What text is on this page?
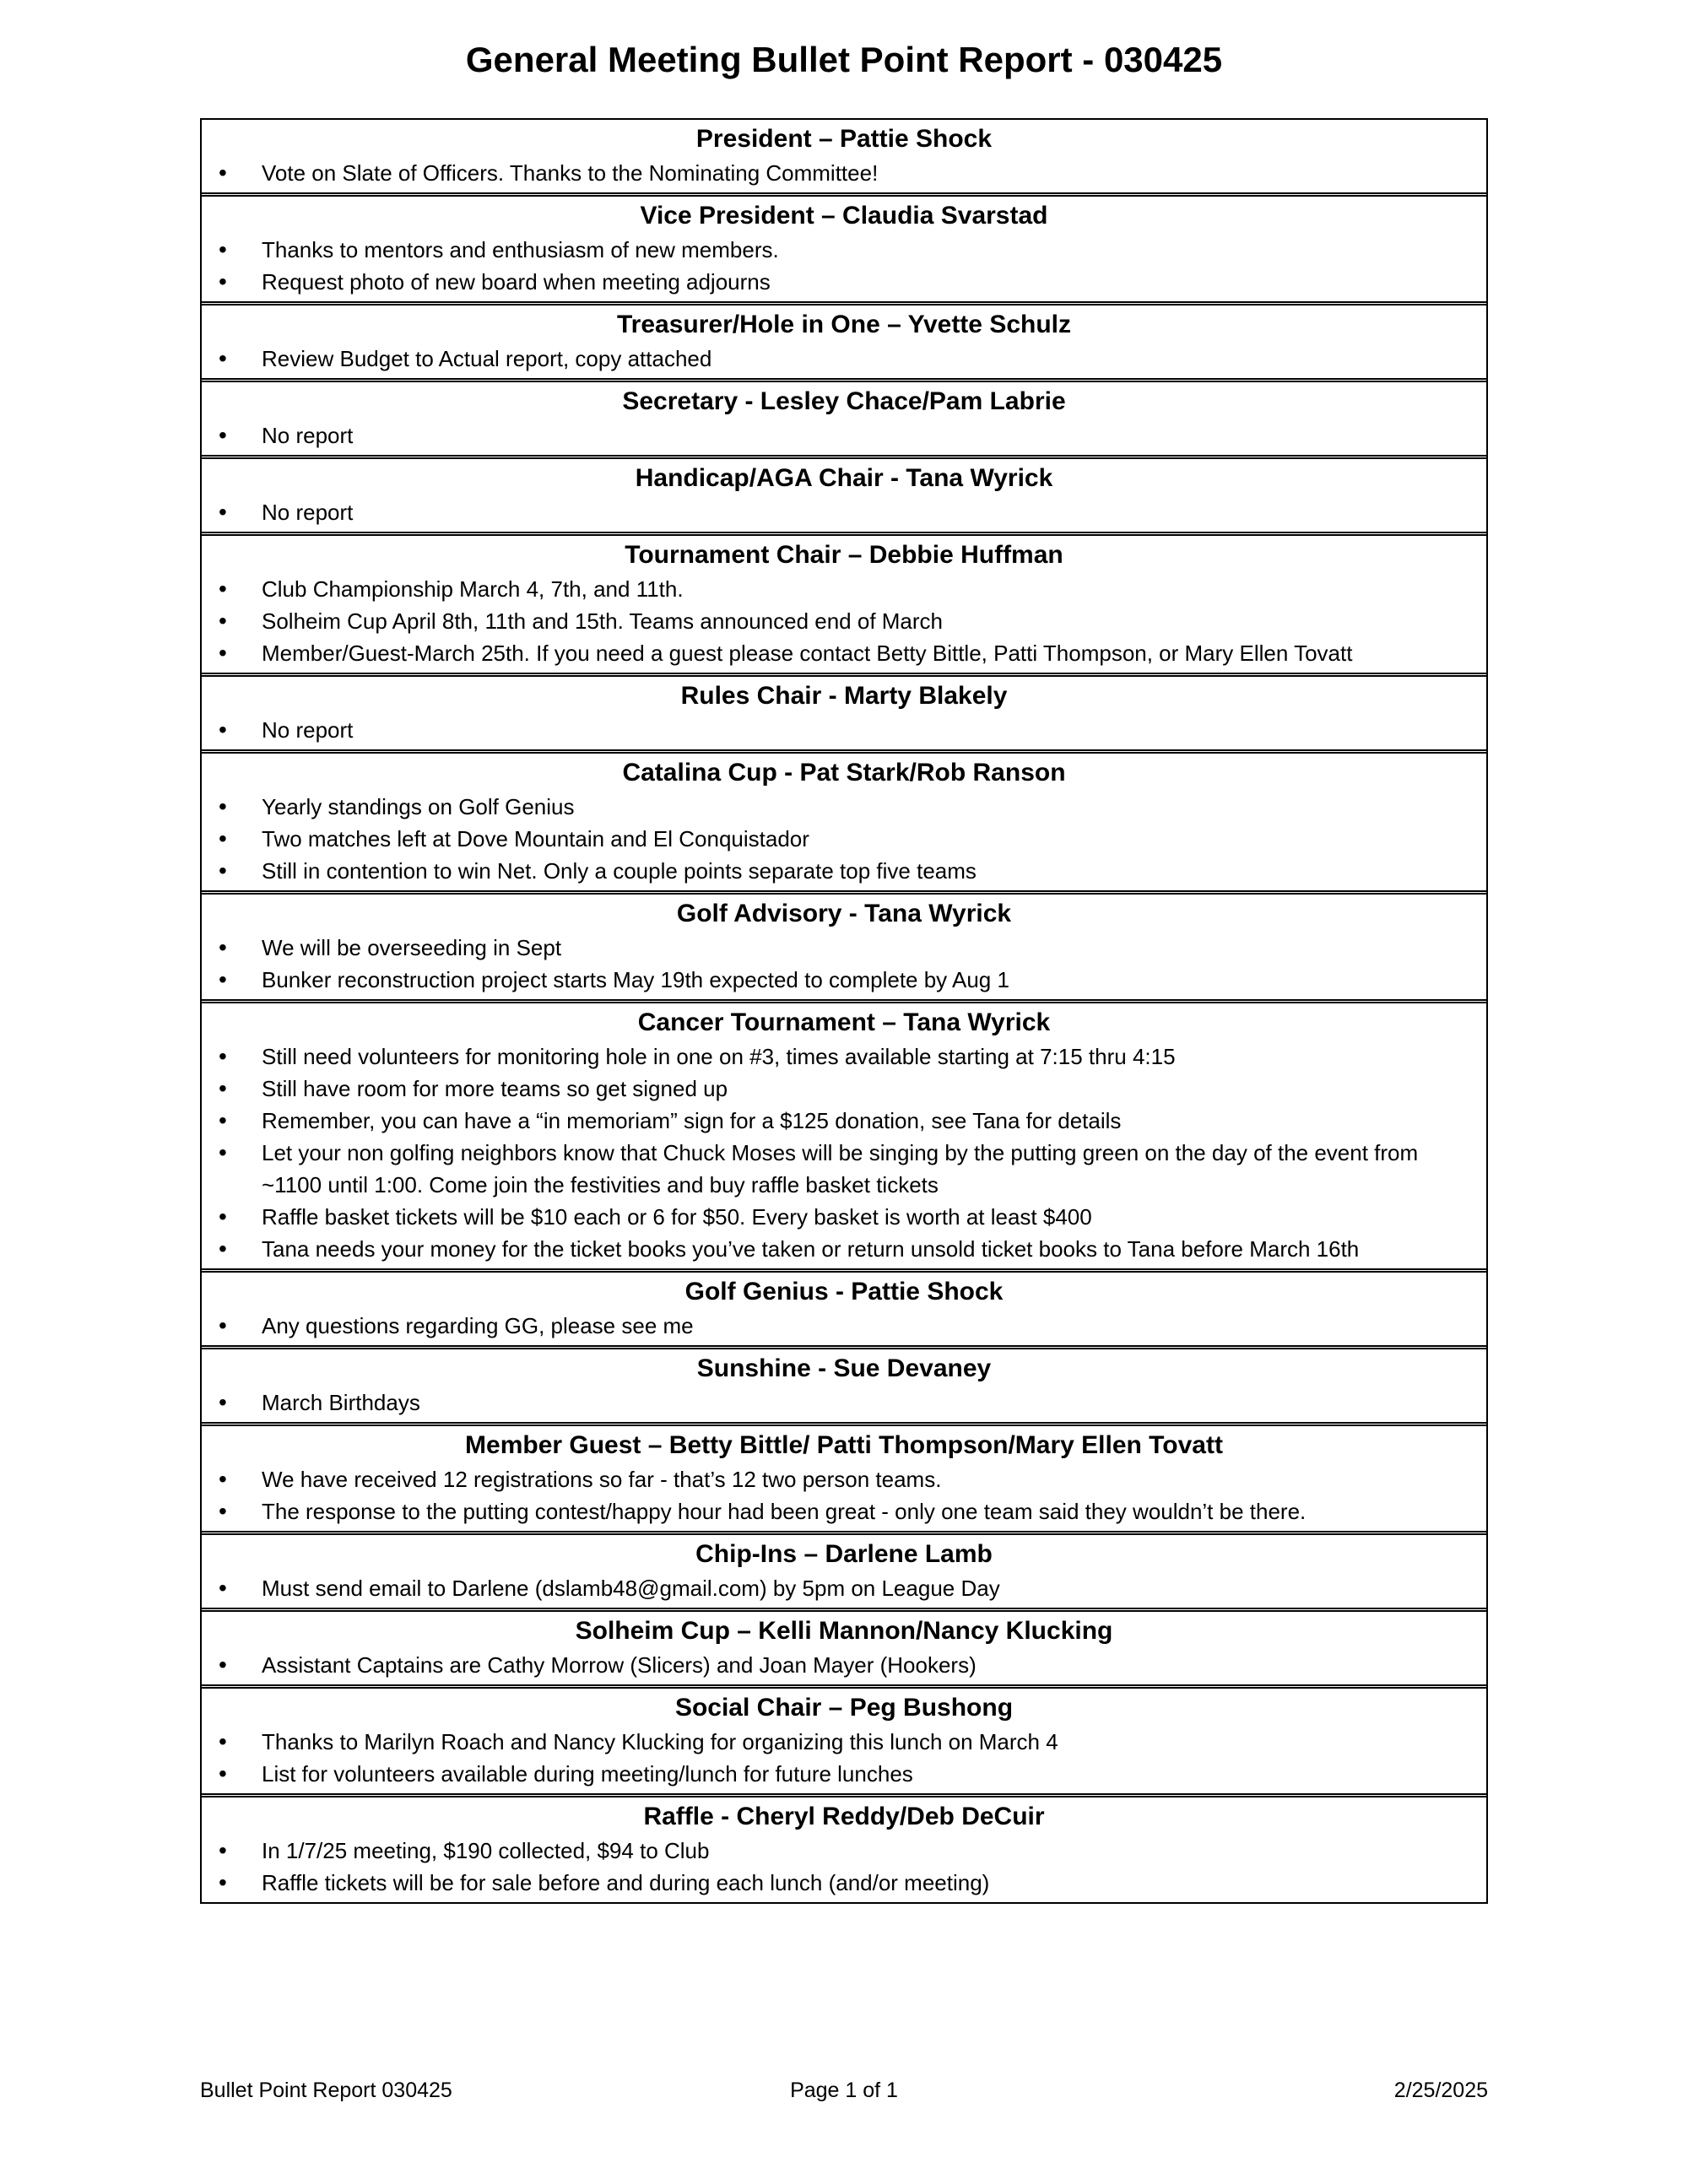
General Meeting Bullet Point Report - 030425
President – Pattie Shock
• Vote on Slate of Officers. Thanks to the Nominating Committee!
Vice President – Claudia Svarstad
• Thanks to mentors and enthusiasm of new members.
• Request photo of new board when meeting adjourns
Treasurer/Hole in One – Yvette Schulz
• Review Budget to Actual report, copy attached
Secretary - Lesley Chace/Pam Labrie
• No report
Handicap/AGA Chair - Tana Wyrick
• No report
Tournament Chair – Debbie Huffman
• Club Championship March 4, 7th, and 11th.
• Solheim Cup April 8th, 11th and 15th. Teams announced end of March
• Member/Guest-March 25th. If you need a guest please contact Betty Bittle, Patti Thompson, or Mary Ellen Tovatt
Rules Chair - Marty Blakely
• No report
Catalina Cup - Pat Stark/Rob Ranson
• Yearly standings on Golf Genius
• Two matches left at Dove Mountain and El Conquistador
• Still in contention to win Net. Only a couple points separate top five teams
Golf Advisory - Tana Wyrick
• We will be overseeding in Sept
• Bunker reconstruction project starts May 19th expected to complete by Aug 1
Cancer Tournament – Tana Wyrick
• Still need volunteers for monitoring hole in one on #3, times available starting at 7:15 thru 4:15
• Still have room for more teams so get signed up
• Remember, you can have a “in memoriam” sign for a $125 donation, see Tana for details
• Let your non golfing neighbors know that Chuck Moses will be singing by the putting green on the day of the event from ~1100 until 1:00. Come join the festivities and buy raffle basket tickets
• Raffle basket tickets will be $10 each or 6 for $50. Every basket is worth at least $400
• Tana needs your money for the ticket books you’ve taken or return unsold ticket books to Tana before March 16th
Golf Genius - Pattie Shock
• Any questions regarding GG, please see me
Sunshine - Sue Devaney
• March Birthdays
Member Guest – Betty Bittle/ Patti Thompson/Mary Ellen Tovatt
• We have received 12 registrations so far - that’s 12 two person teams.
• The response to the putting contest/happy hour had been great - only one team said they wouldn’t be there.
Chip-Ins – Darlene Lamb
• Must send email to Darlene (dslamb48@gmail.com) by 5pm on League Day
Solheim Cup – Kelli Mannon/Nancy Klucking
• Assistant Captains are Cathy Morrow (Slicers) and Joan Mayer (Hookers)
Social Chair – Peg Bushong
• Thanks to Marilyn Roach and Nancy Klucking for organizing this lunch on March 4
• List for volunteers available during meeting/lunch for future lunches
Raffle - Cheryl Reddy/Deb DeCuir
• In 1/7/25 meeting, $190 collected, $94 to Club
• Raffle tickets will be for sale before and during each lunch (and/or meeting)
Bullet Point Report 030425	Page 1 of 1	2/25/2025
